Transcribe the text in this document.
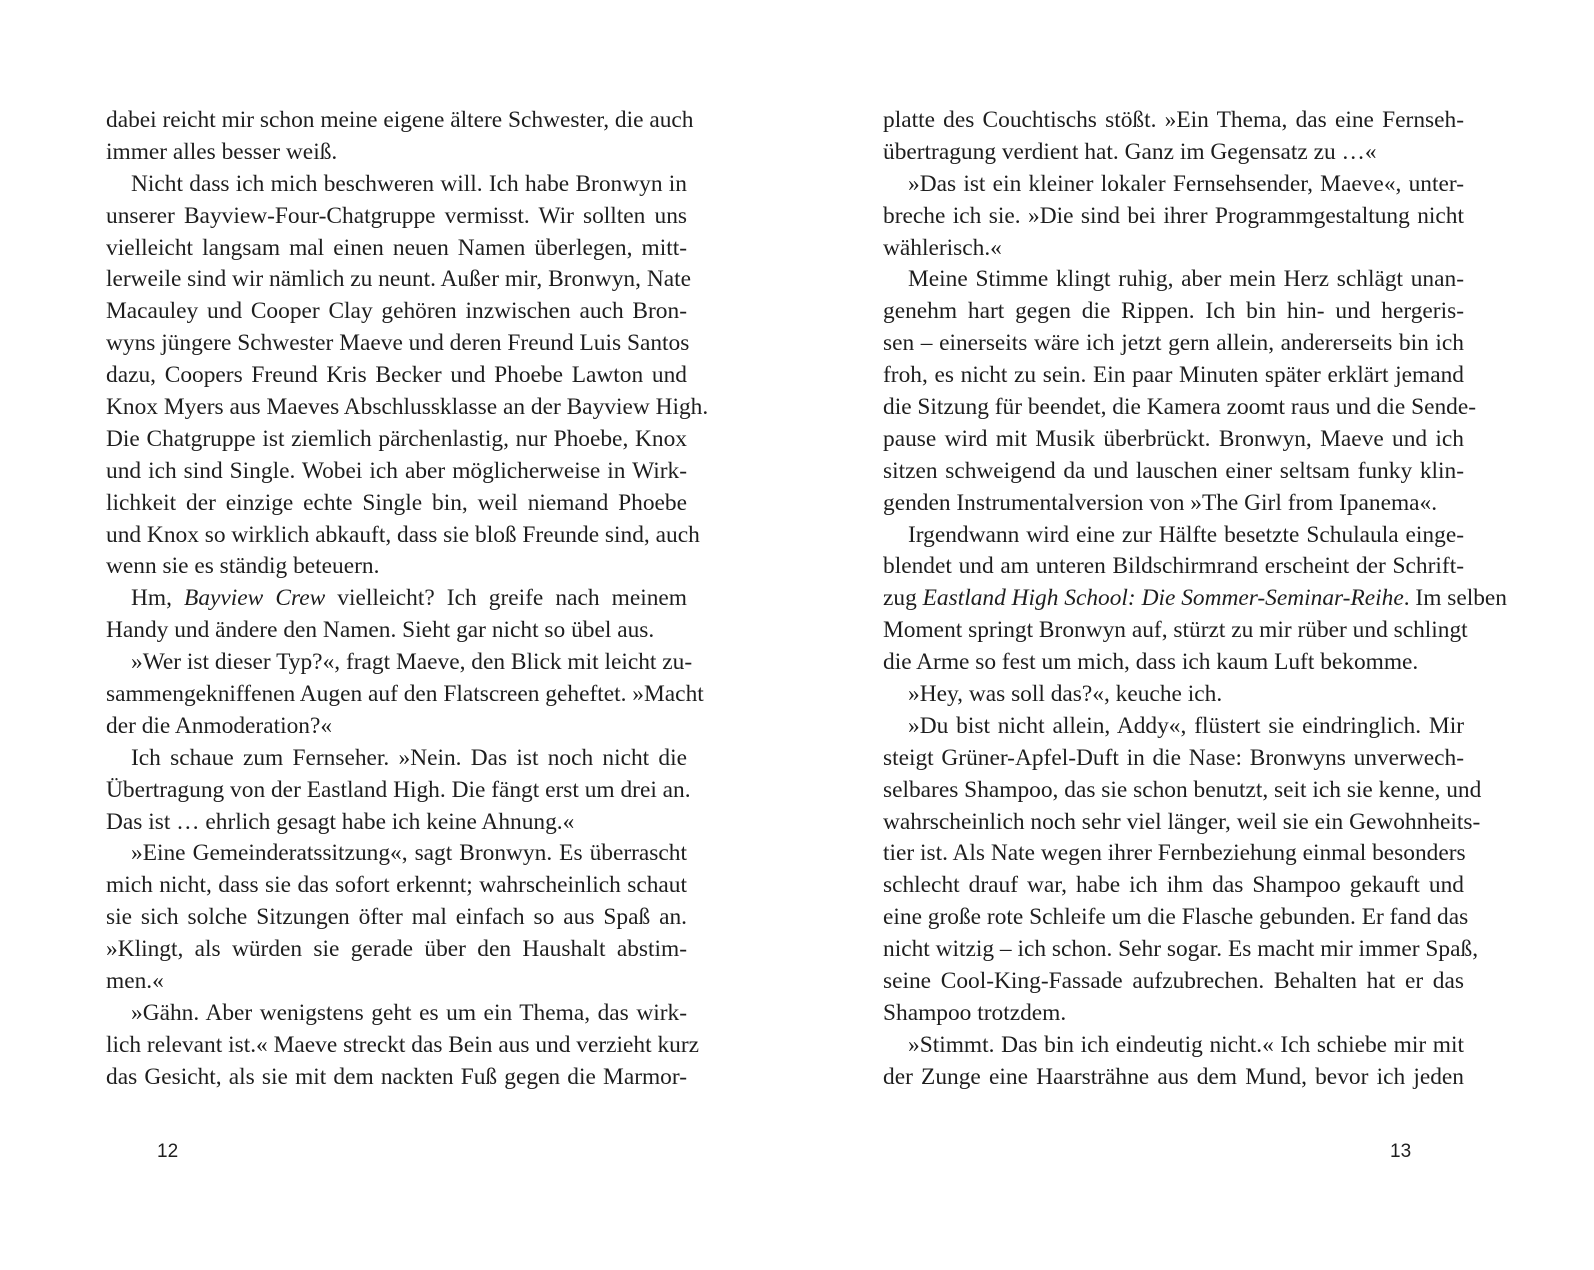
dabei reicht mir schon meine eigene ältere Schwester, die auch
immer alles besser weiß.
Nicht dass ich mich beschweren will. Ich habe Bronwyn in
unserer Bayview-Four-Chatgruppe vermisst. Wir sollten uns
vielleicht langsam mal einen neuen Namen überlegen, mitt-
lerweile sind wir nämlich zu neunt. Außer mir, Bronwyn, Nate
Macauley und Cooper Clay gehören inzwischen auch Bron-
wyns jüngere Schwester Maeve und deren Freund Luis Santos
dazu, Coopers Freund Kris Becker und Phoebe Lawton und
Knox Myers aus Maeves Abschlussklasse an der Bayview High.
Die Chatgruppe ist ziemlich pärchenlastig, nur Phoebe, Knox
und ich sind Single. Wobei ich aber möglicherweise in Wirk-
lichkeit der einzige echte Single bin, weil niemand Phoebe
und Knox so wirklich abkauft, dass sie bloß Freunde sind, auch
wenn sie es ständig beteuern.
Hm, Bayview Crew vielleicht? Ich greife nach meinem
Handy und ändere den Namen. Sieht gar nicht so übel aus.
»Wer ist dieser Typ?«, fragt Maeve, den Blick mit leicht zu-
sammengekniffenen Augen auf den Flatscreen geheftet. »Macht
der die Anmoderation?«
Ich schaue zum Fernseher. »Nein. Das ist noch nicht die
Übertragung von der Eastland High. Die fängt erst um drei an.
Das ist … ehrlich gesagt habe ich keine Ahnung.«
»Eine Gemeinderatssitzung«, sagt Bronwyn. Es überrascht
mich nicht, dass sie das sofort erkennt; wahrscheinlich schaut
sie sich solche Sitzungen öfter mal einfach so aus Spaß an.
»Klingt, als würden sie gerade über den Haushalt abstim-
men.«
»Gähn. Aber wenigstens geht es um ein Thema, das wirk-
lich relevant ist.« Maeve streckt das Bein aus und verzieht kurz
das Gesicht, als sie mit dem nackten Fuß gegen die Marmor-
12
platte des Couchtischs stößt. »Ein Thema, das eine Fernseh-
übertragung verdient hat. Ganz im Gegensatz zu …«
»Das ist ein kleiner lokaler Fernsehsender, Maeve«, unter-
breche ich sie. »Die sind bei ihrer Programmgestaltung nicht
wählerisch.«
Meine Stimme klingt ruhig, aber mein Herz schlägt unan-
genehm hart gegen die Rippen. Ich bin hin- und hergeris-
sen – einerseits wäre ich jetzt gern allein, andererseits bin ich
froh, es nicht zu sein. Ein paar Minuten später erklärt jemand
die Sitzung für beendet, die Kamera zoomt raus und die Sende-
pause wird mit Musik überbrückt. Bronwyn, Maeve und ich
sitzen schweigend da und lauschen einer seltsam funky klin-
genden Instrumentalversion von »The Girl from Ipanema«.
Irgendwann wird eine zur Hälfte besetzte Schulaula einge-
blendet und am unteren Bildschirmrand erscheint der Schrift-
zug Eastland High School: Die Sommer-Seminar-Reihe. Im selben
Moment springt Bronwyn auf, stürzt zu mir rüber und schlingt
die Arme so fest um mich, dass ich kaum Luft bekomme.
»Hey, was soll das?«, keuche ich.
»Du bist nicht allein, Addy«, flüstert sie eindringlich. Mir
steigt Grüner-Apfel-Duft in die Nase: Bronwyns unverwech-
selbares Shampoo, das sie schon benutzt, seit ich sie kenne, und
wahrscheinlich noch sehr viel länger, weil sie ein Gewohnheits-
tier ist. Als Nate wegen ihrer Fernbeziehung einmal besonders
schlecht drauf war, habe ich ihm das Shampoo gekauft und
eine große rote Schleife um die Flasche gebunden. Er fand das
nicht witzig – ich schon. Sehr sogar. Es macht mir immer Spaß,
seine Cool-King-Fassade aufzubrechen. Behalten hat er das
Shampoo trotzdem.
»Stimmt. Das bin ich eindeutig nicht.« Ich schiebe mir mit
der Zunge eine Haarsträhne aus dem Mund, bevor ich jeden
13
